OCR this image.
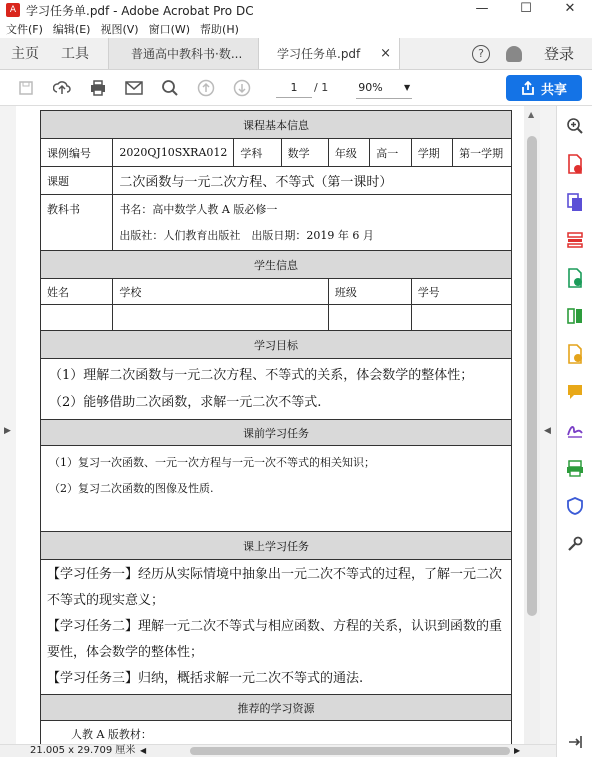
A 学习任务单.pdf - Adobe Acrobat Pro DC	—	☐	✕
文件(F) 编辑(E) 视图(V) 窗口(W) 帮助(H)
主页	工具	普通高中教科书·数...	学习任务单.pdf ×	?	登录
1	/ 1	90%	▼	共享
▶
课程基本信息							
课例编号	2020QJ10SXRA012	学科	数学	年级	高一	学期	第一学期
课题	二次函数与一元二次方程、不等式（第一课时）						
教科书	书名：高中数学人教 A 版必修一
出版社：人们教育出版社　出版日期：2019 年 6 月						

学生信息							
姓名	学校			班级		学号	

学习目标							

（1）理解二次函数与一元二次方程、不等式的关系，体会数学的整体性；
（2）能够借助二次函数，求解一元二次不等式.							

课前学习任务							

（1）复习一次函数、一元一次方程与一元一次不等式的相关知识；
（2）复习二次函数的图像及性质.							

课上学习任务							

【学习任务一】经历从实际情境中抽象出一元二次不等式的过程，了解一元二次不等式的现实意义；
【学习任务二】理解一元二次不等式与相应函数、方程的关系，认识到函数的重要性，体会数学的整体性；
【学习任务三】归纳，概括求解一元二次不等式的通法.							

推荐的学习资源							
人教 A 版教材：							
▲
◀
21.005 x 29.709 厘米 ◀	▶
